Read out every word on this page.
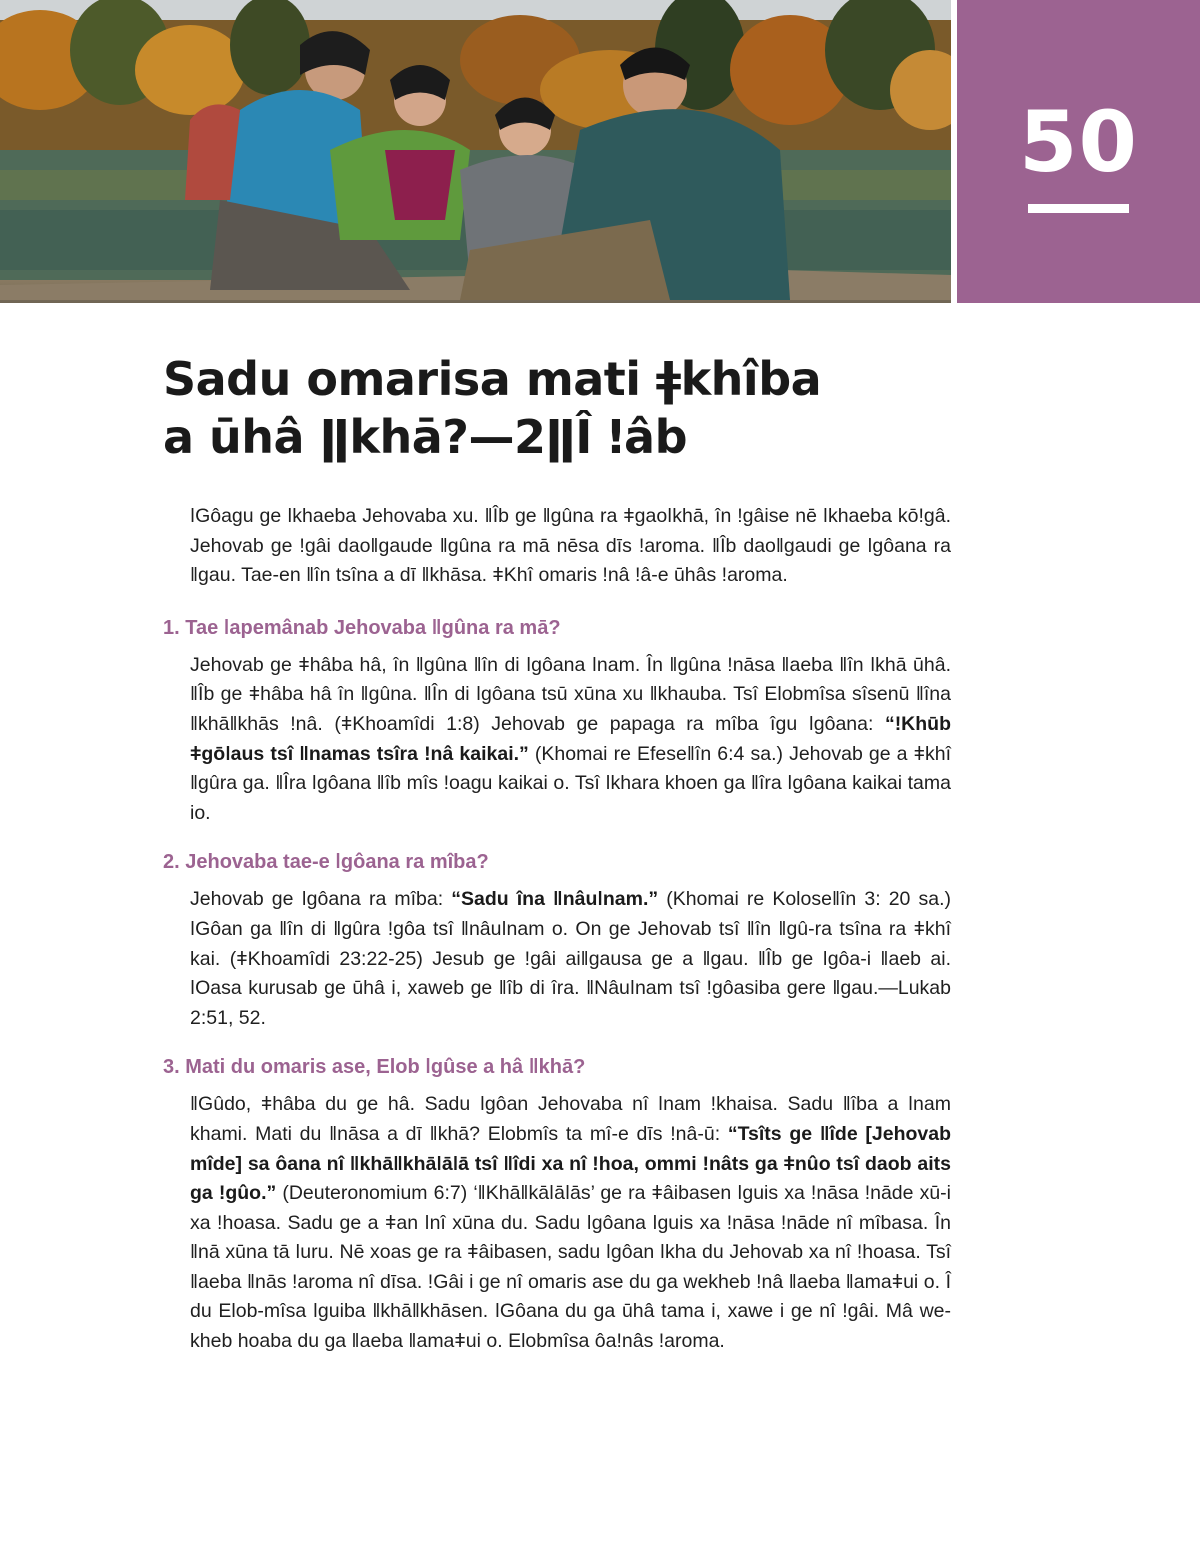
50
Sadu omarisa mati ǂkhîba
a ūhâ ǁkhā?—2ǁÎ ǃâb

ǀGôagu ge ǀkhaeba Jehovaba xu. ǁÎb ge ǁgûna ra ǂgaoǀkhā, în ǃgâise nē ǀkhaeba kōǃgâ. Jehovab ge ǃgâi daoǁgaude ǁgûna ra mā nēsa dīs ǃaroma. ǁÎb daoǁgaudi ge ǀgôana ra ǁgau. Tae-en ǁîn tsîna a dī ǁkhāsa. ǂKhî omaris ǃnâ ǃâ-e ūhâs ǃaroma.

1. Tae ǀapemânab Jehovaba ǁgûna ra mā?

Jehovab ge ǂhâba hâ, în ǁgûna ǁîn di ǀgôana ǀnam. În ǁgûna ǃnāsa ǁaeba ǁîn ǀkhā ūhâ. ǁÎb ge ǂhâba hâ în ǁgûna. ǁÎn di ǀgôana tsū xūna xu ǁkhauba. Tsî Elobmîsa sîsenū ǁîna ǁkhāǁkhās ǃnâ. (ǂKhoamîdi 1:8) Jehovab ge papaga ra mîba îgu ǀgôana: “ǃKhūb ǂgōǀaus tsî ǁnamas tsîra ǃnâ kaikai.” (Khomai re Efeseǁîn 6:4 sa.) Jehovab ge a ǂkhî ǁgûra ga. ǁÎra ǀgôana ǁîb mîs ǃoagu kaikai o. Tsî ǀkhara khoen ga ǁîra ǀgôana kaikai tama io.

2. Jehovaba tae-e ǀgôana ra mîba?

Jehovab ge ǀgôana ra mîba: “Sadu îna ǁnâuǀnam.” (Khomai re Koloseǁîn 3: 20 sa.) ǀGôan ga ǁîn di ǁgûra ǃgôa tsî ǁnâuǀnam o. On ge Jehovab tsî ǁîn ǁgû-ra tsîna ra ǂkhî kai. (ǂKhoamîdi 23:22-25) Jesub ge ǃgâi aiǁgausa ge a ǁgau. ǁÎb ge ǀgôa-i ǁaeb ai. ǀOasa kurusab ge ūhâ i, xaweb ge ǁîb di îra. ǁNâuǀnam tsî ǃgôasiba gere ǁgau.—Lukab 2:51, 52.

3. Mati du omaris ase, Elob ǀgûse a hâ ǁkhā?

ǁGûdo, ǂhâba du ge hâ. Sadu ǀgôan Jehovaba nî ǀnam ǃkhaisa. Sadu ǁîba a ǀnam khami. Mati du ǁnāsa a dī ǁkhā? Elobmîs ta mî-e dīs ǃnâ-ū: “Tsîts ge ǁîde [Jehovab mîde] sa ôana nî ǁkhāǁkhāǀāǀā tsî ǁîdi xa nî ǃhoa, ommi ǃnâts ga ǂnûo tsî daob aits ga ǃgûo.” (Deuteronomium 6:7) ‘ǁKhāǁkāǀāǀās’ ge ra ǂâibasen ǀguis xa ǃnāsa ǃnāde xū-i xa ǃhoasa. Sadu ge a ǂan ǀnî xūna du. Sadu ǀgôana ǀguis xa ǃnāsa ǃnāde nî mîbasa. În ǁnā xūna tā ǀuru. Nē xoas ge ra ǂâibasen, sadu ǀgôan ǀkha du Jehovab xa nî ǃhoasa. Tsî ǁaeba ǁnās ǃaroma nî dīsa. ǃGâi i ge nî omaris ase du ga wekheb ǃnâ ǁaeba ǁamaǂui o. Î du Elob-mîsa ǀguiba ǁkhāǁkhāsen. ǀGôana du ga ūhâ tama i, xawe i ge nî ǃgâi. Mâ we-kheb hoaba du ga ǁaeba ǁamaǂui o. Elobmîsa ôaǃnâs ǃaroma.
